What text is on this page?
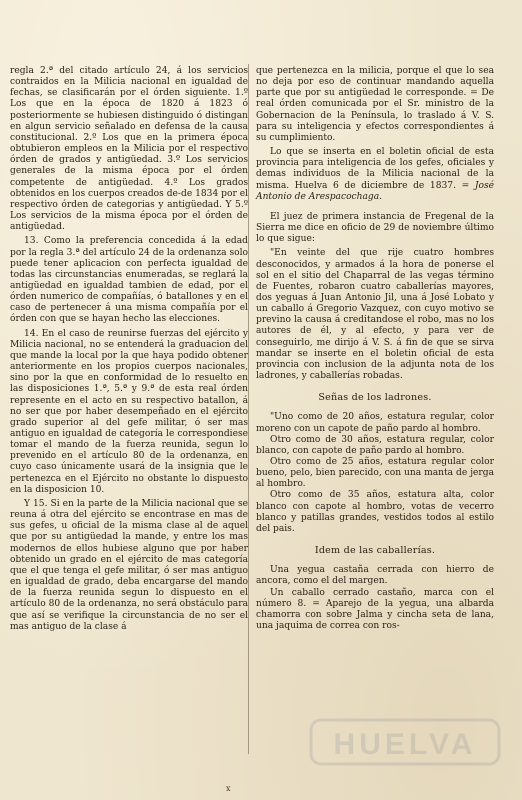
regla 2.ª del citado artículo 24, á los servicios contraidos en la Milicia nacional en igualdad de fechas, se clasificarán por el órden siguiente. 1.º Los que en la época de 1820 á 1823 ó posteriormente se hubiesen distinguido ó distingan en algun servicio señalado en defensa de la causa constitucional. 2.º Los que en la primera época obtubieron empleos en la Milicia por el respectivo órden de grados y antigüedad. 3.º Los servicios generales de la misma época por el órden competente de antigüedad. 4.º Los grados obtenidos en los cuerpos creados de-de 1834 por el respectivo órden de categorias y antigüedad. Y 5.º Los servicios de la misma época por el órden de antigüedad.

13. Como la preferencia concedida á la edad por la regla 3.ª del artículo 24 de la ordenanza solo puede tener aplicacion con perfecta igualdad de todas las circunstancias enumeradas, se reglará la antigüedad en igualdad tambien de edad, por el órden numerico de compañías, ó batallones y en el caso de pertenecer á una misma compañía por el órden con que se hayan hecho las elecciones.

14. En el caso de reunirse fuerzas del ejército y Milicia nacional, no se entenderá la graduacion del que mande la local por la que haya podido obtener anteriormente en los propios cuerpos nacionales, sino por la que en conformidad de lo resuelto en las disposiciones 1.ª, 5.ª y 9.ª de esta real órden represente en el acto en su respectivo batallon, á no ser que por haber desempeñado en el ejército grado superior al del gefe militar, ó ser mas antiguo en igualdad de categoría le correspondiese tomar el mando de la fuerza reunida, segun lo prevenido en el artículo 80 de la ordenanza, en cuyo caso únicamente usará de la insignia que le pertenezca en el Ejército no obstante lo dispuesto en la disposicion 10.

Y 15. Si en la parte de la Milicia nacional que se reuna á otra del ejército se encontrase en mas de sus gefes, u oficial de la misma clase al de aquel que por su antigüedad la mande, y entre los mas modernos de ellos hubiese alguno que por haber obtenido un grado en el ejército de mas categoría que el que tenga el gefe militar, ó ser mas antiguo en igualdad de grado, deba encargarse del mando de la fuerza reunida segun lo dispuesto en el artículo 80 de la ordenanza, no será obstáculo para que así se verifique la circunstancia de no ser el mas antiguo de la clase á

que pertenezca en la milicia, porque el que lo sea no deja por eso de continuar mandando aquella parte que por su antigüedad le corresponde. = De real órden comunicada por el Sr. ministro de la Gobernacion de la Península, lo traslado á V. S. para su inteligencia y efectos correspondientes á su cumplimiento.

Lo que se inserta en el boletin oficial de esta provincia para inteligencia de los gefes, oficiales y demas individuos de la Milicia nacional de la misma. Huelva 6 de diciembre de 1837. = José Antonio de Arespacochaga.

El juez de primera instancia de Fregenal de la Sierra me dice en oficio de 29 de noviembre último lo que sigue:

"En veinte del que rije cuatro hombres desconocidos, y armados á la hora de ponerse el sol en el sitio del Chaparral de las vegas término de Fuentes, robaron cuatro caballerías mayores, dos yeguas á Juan Antonio Jil, una á José Lobato y un caballo á Gregorio Vazquez, con cuyo motivo se previno la causa á creditandose el robo, mas no los autores de él, y al efecto, y para ver de conseguirlo, me dirijo á V. S. á fin de que se sirva mandar se inserte en el boletin oficial de esta provincia con inclusion de la adjunta nota de los ladrones, y caballerías robadas.

Señas de los ladrones.

"Uno como de 20 años, estatura regular, color moreno con un capote de paño pardo al hombro.

Otro como de 30 años, estatura regular, color blanco, con capote de paño pardo al hombro.

Otro como de 25 años, estatura regular color bueno, pelo, bien parecido, con una manta de jerga al hombro.

Otro como de 35 años, estatura alta, color blanco con capote al hombro, votas de vecerro blanco y patillas grandes, vestidos todos al estilo del pais.

Idem de las caballerías.

Una yegua castaña cerrada con hierro de ancora, como el del margen.

Un caballo cerrado castaño, marca con el número 8. = Aparejo de la yegua, una albarda chamorra con sobre Jalma y cincha seta de lana, una jaquima de correa con ros-

HUELVA
x
